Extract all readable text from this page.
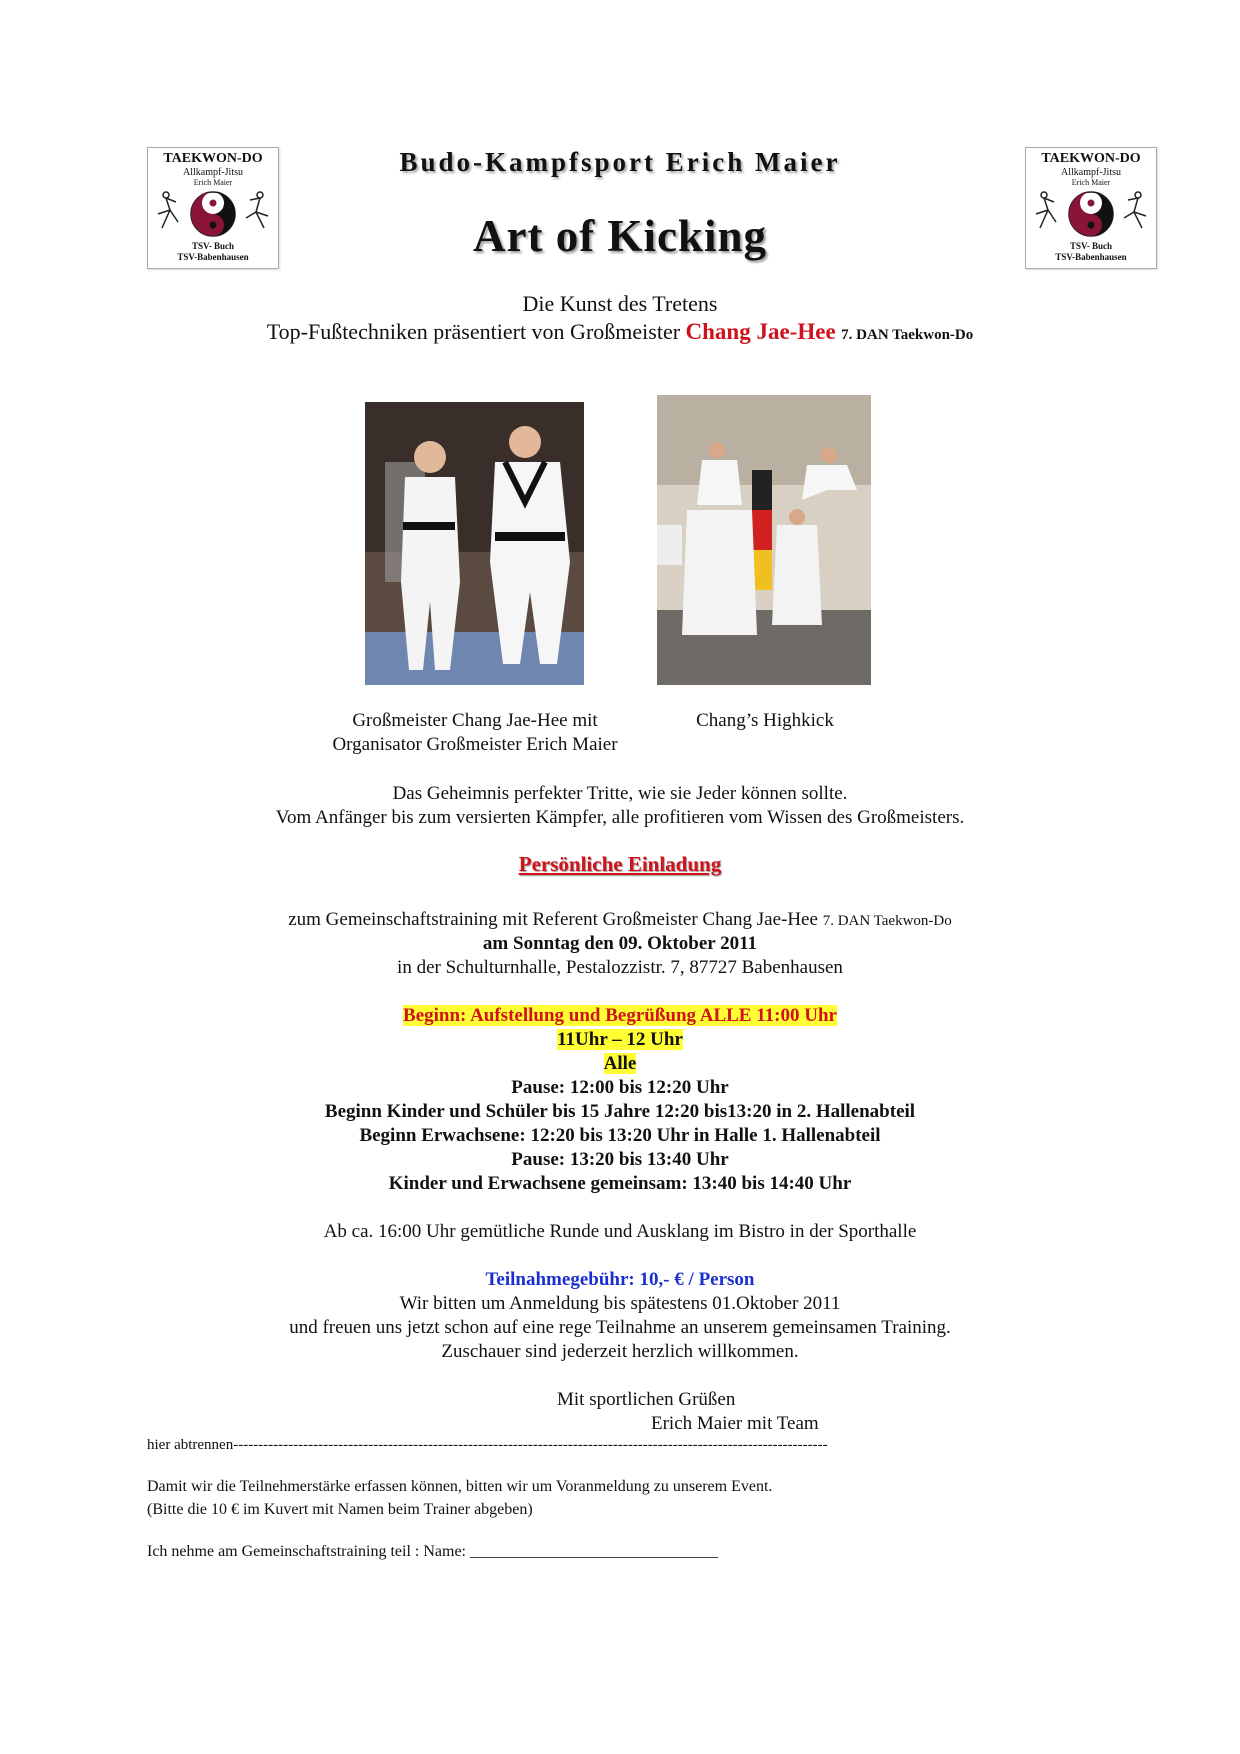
TAEKWON-DO
Allkampf-Jitsu
Erich Maier
TSV- Buch
TSV-Babenhausen
TAEKWON-DO
Allkampf-Jitsu
Erich Maier
TSV- Buch
TSV-Babenhausen
Budo-Kampfsport Erich Maier
Art of Kicking
Die Kunst des Tretens
Top-Fußtechniken präsentiert von Großmeister Chang Jae-Hee 7. DAN Taekwon-Do
Großmeister Chang Jae-Hee mit
Organisator Großmeister Erich Maier
Chang’s Highkick
Das Geheimnis perfekter Tritte, wie sie Jeder können sollte.
Vom Anfänger bis zum versierten Kämpfer, alle profitieren vom Wissen des Großmeisters.
Persönliche Einladung
zum Gemeinschaftstraining mit Referent Großmeister Chang Jae-Hee 7. DAN Taekwon-Do
am Sonntag den 09. Oktober 2011
in der Schulturnhalle, Pestalozzistr. 7, 87727 Babenhausen
Beginn: Aufstellung und Begrüßung ALLE 11:00 Uhr
11Uhr – 12 Uhr
Alle
Pause: 12:00 bis 12:20 Uhr
Beginn Kinder und Schüler bis 15 Jahre 12:20 bis13:20 in 2. Hallenabteil
Beginn Erwachsene: 12:20 bis 13:20 Uhr in Halle 1. Hallenabteil
Pause: 13:20 bis 13:40 Uhr
Kinder und Erwachsene gemeinsam: 13:40 bis 14:40 Uhr
Ab ca. 16:00 Uhr gemütliche Runde und Ausklang im Bistro in der Sporthalle
Teilnahmegebühr: 10,- € / Person
Wir bitten um Anmeldung bis spätestens 01.Oktober 2011
und freuen uns jetzt schon auf eine rege Teilnahme an unserem gemeinsamen Training.
Zuschauer sind jederzeit herzlich willkommen.
Mit sportlichen Grüßen
Erich Maier mit Team
hier abtrennen-----------------------------------------------------------------------------------------------------------------------
Damit wir die Teilnehmerstärke erfassen können, bitten wir um Voranmeldung zu unserem Event.
(Bitte die 10 € im Kuvert mit Namen beim Trainer abgeben)
Ich nehme am Gemeinschaftstraining teil : Name: _______________________________
